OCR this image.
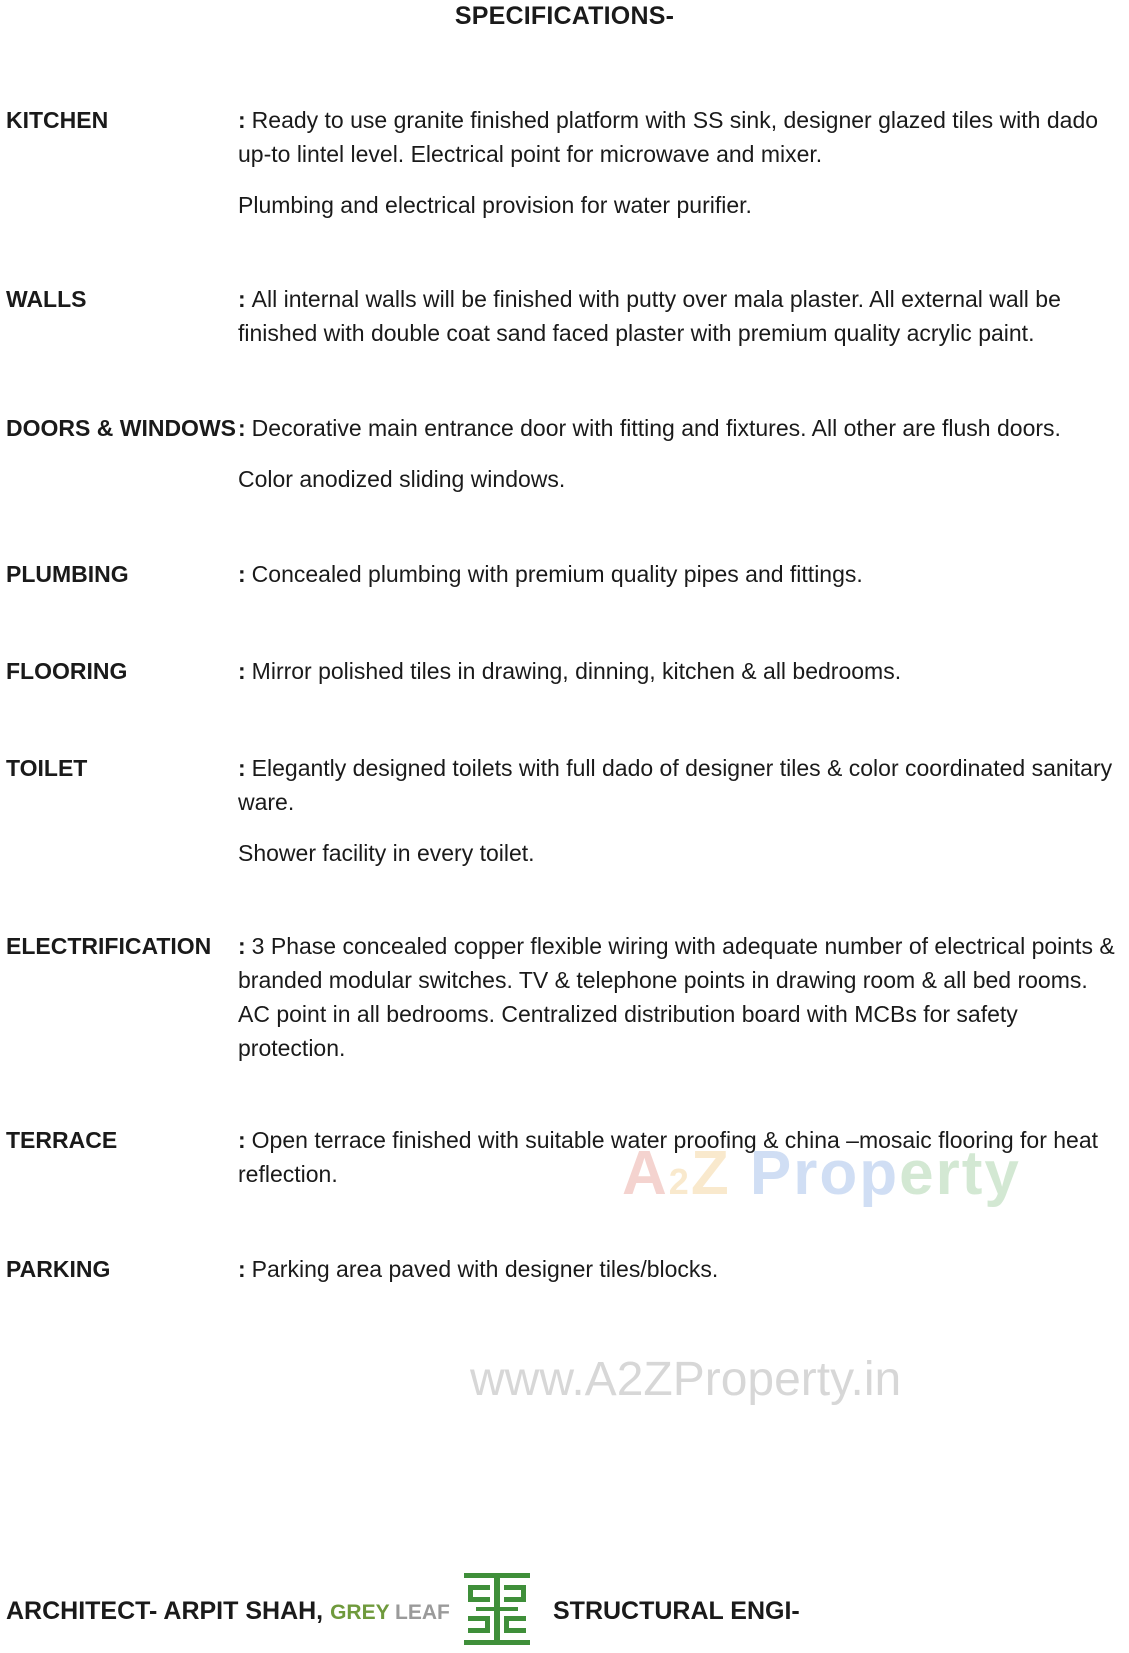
SPECIFICATIONS-
KITCHEN	: Ready to use granite finished platform with SS sink, designer glazed tiles with dado up-to lintel level. Electrical point for microwave and mixer.

Plumbing and electrical provision for water purifier.

WALLS	: All internal walls will be finished with putty over mala plaster. All external wall be finished with double coat sand faced plaster with premium quality acrylic paint.

DOORS & WINDOWS : Decorative main entrance door with fitting and fixtures. All other are flush doors.

Color anodized sliding windows.

PLUMBING	: Concealed plumbing with premium quality pipes and fittings.

FLOORING	: Mirror polished tiles in drawing, dinning, kitchen & all bedrooms.

TOILET	: Elegantly designed toilets with full dado of designer tiles & color coordinated sanitary ware.

Shower facility in every toilet.

ELECTRIFICATION : 3 Phase concealed copper flexible wiring with adequate number of electrical points & branded modular switches. TV & telephone points in drawing room & all bed rooms. AC point in all bedrooms. Centralized distribution board with MCBs for safety protection.

TERRACE	: Open terrace finished with suitable water proofing & china –mosaic flooring for heat reflection.

PARKING	: Parking area paved with designer tiles/blocks.

A2Z Property
www.A2ZProperty.in
ARCHITECT- ARPIT SHAH, GREY LEAF	STRUCTURAL ENGI-
